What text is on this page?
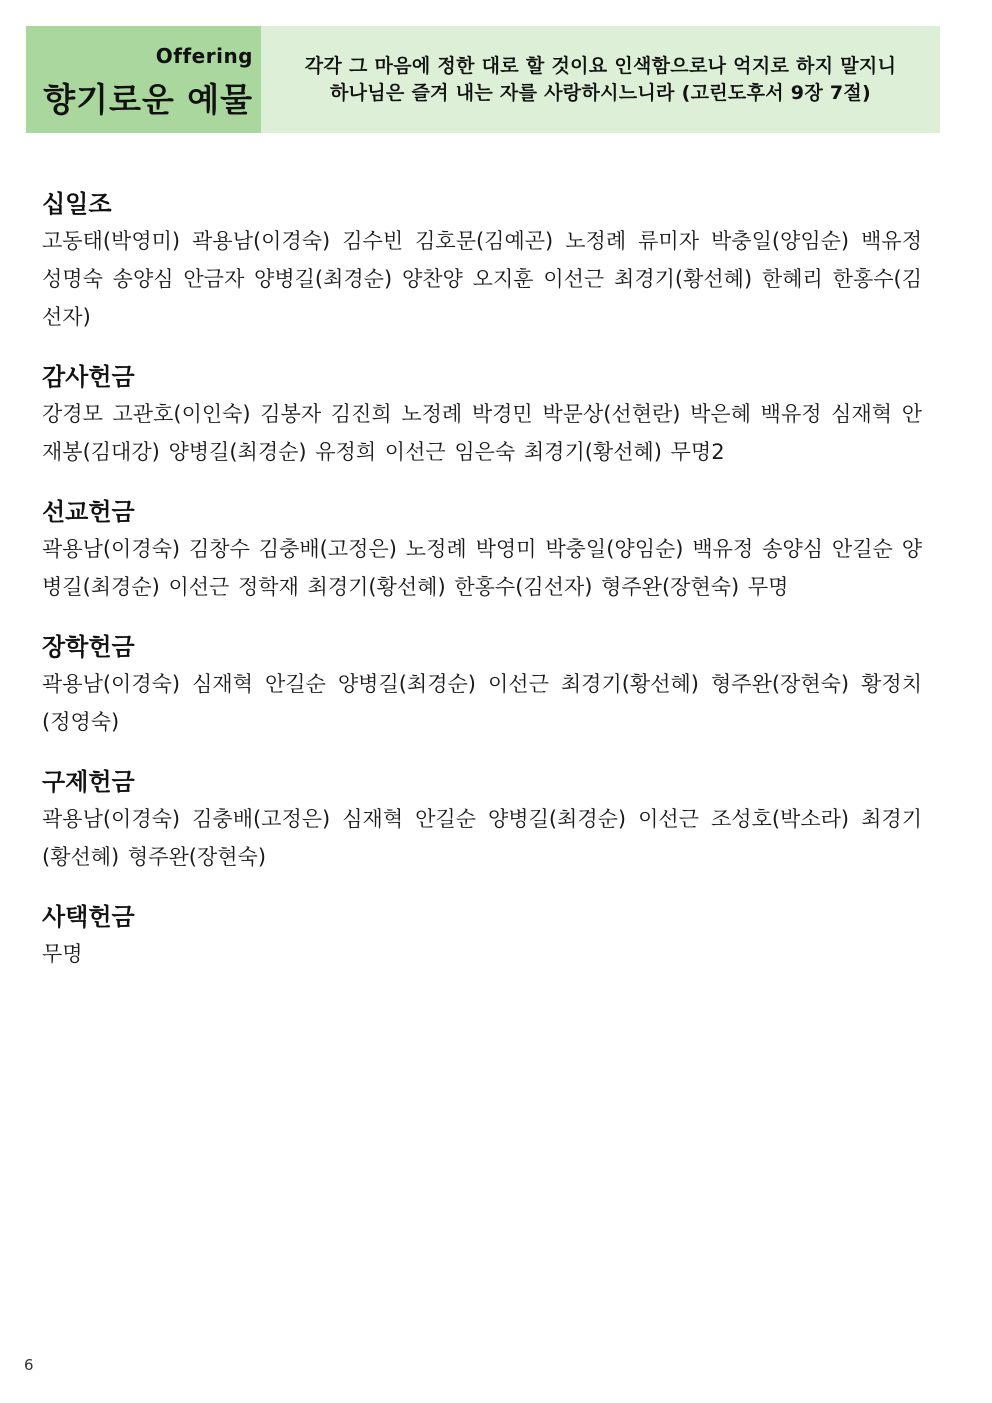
Offering
향기로운 예물
각각 그 마음에 정한 대로 할 것이요 인색함으로나 억지로 하지 말지니
하나님은 즐겨 내는 자를 사랑하시느니라 (고린도후서 9장 7절)
십일조
고동태(박영미) 곽용남(이경숙) 김수빈 김호문(김예곤) 노정례 류미자 박충일(양임순) 백유정 성명숙 송양심 안금자 양병길(최경순) 양찬양 오지훈 이선근 최경기(황선혜) 한혜리 한홍수(김선자)
감사헌금
강경모 고관호(이인숙) 김봉자 김진희 노정례 박경민 박문상(선현란) 박은혜 백유정 심재혁 안재봉(김대강) 양병길(최경순) 유정희 이선근 임은숙 최경기(황선혜) 무명2
선교헌금
곽용남(이경숙) 김창수 김충배(고정은) 노정례 박영미 박충일(양임순) 백유정 송양심 안길순 양병길(최경순) 이선근 정학재 최경기(황선혜) 한홍수(김선자) 형주완(장현숙) 무명
장학헌금
곽용남(이경숙) 심재혁 안길순 양병길(최경순) 이선근 최경기(황선혜) 형주완(장현숙) 황정치(정영숙)
구제헌금
곽용남(이경숙) 김충배(고정은) 심재혁 안길순 양병길(최경순) 이선근 조성호(박소라) 최경기(황선혜) 형주완(장현숙)
사택헌금
무명
6
